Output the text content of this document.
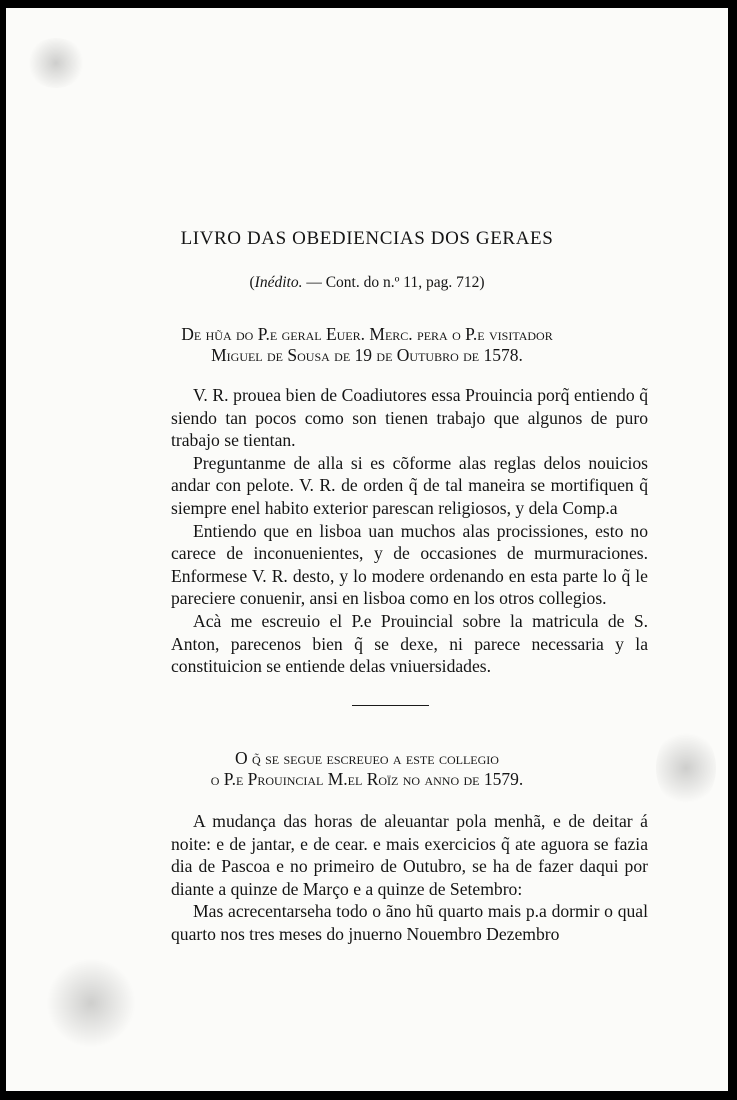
LIVRO DAS OBEDIENCIAS DOS GERAES
(Inédito. — Cont. do n.º 11, pag. 712)
De hũa do P.e geral Euer. Merc. pera o P.e visitador
Miguel de Sousa de 19 de Outubro de 1578.

V. R. prouea bien de Coadiutores essa Prouincia porq̃ entiendo q̃ siendo tan pocos como son tienen trabajo que algunos de puro trabajo se tientan.

Preguntanme de alla si es cõforme alas reglas delos nouicios andar con pelote. V. R. de orden q̃ de tal maneira se mortifiquen q̃ siempre enel habito exterior parescan religiosos, y dela Comp.a

Entiendo que en lisboa uan muchos alas procissiones, esto no carece de inconuenientes, y de occasiones de murmuraciones. Enformese V. R. desto, y lo modere ordenando en esta parte lo q̃ le pareciere conuenir, ansi en lisboa como en los otros collegios.

Acà me escreuio el P.e Prouincial sobre la matricula de S. Anton, parecenos bien q̃ se dexe, ni parece necessaria y la constituicion se entiende delas vniuersidades.

O q̃ se segue escreueo a este collegio
o P.e Prouincial M.el Roïz no anno de 1579.

A mudança das horas de aleuantar pola menhã, e de deitar á noite: e de jantar, e de cear. e mais exercicios q̃ ate aguora se fazia dia de Pascoa e no primeiro de Outubro, se ha de fazer daqui por diante a quinze de Março e a quinze de Setembro:

Mas acrecentarseha todo o ãno hũ quarto mais p.a dormir o qual quarto nos tres meses do jnuerno Nouembro Dezembro
